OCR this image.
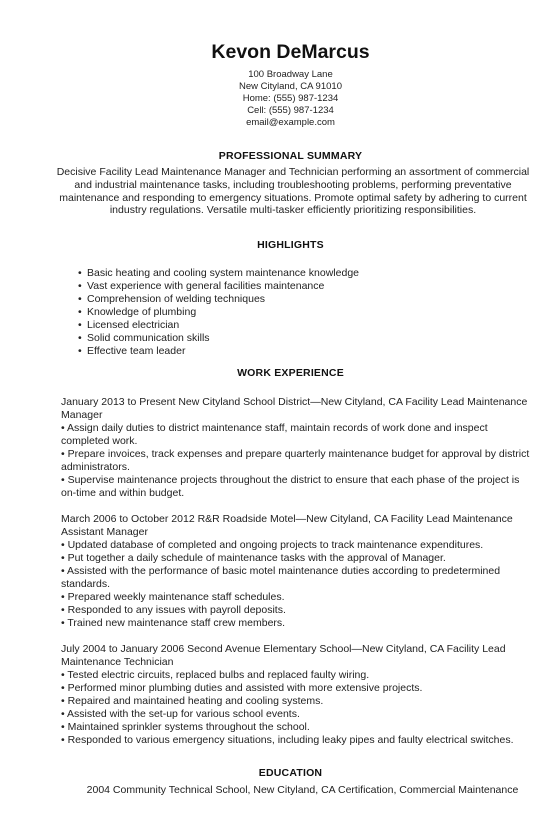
Kevon DeMarcus
100 Broadway Lane
New Cityland, CA 91010
Home: (555) 987-1234
Cell: (555) 987-1234
email@example.com
PROFESSIONAL SUMMARY
Decisive Facility Lead Maintenance Manager and Technician performing an assortment of commercial and industrial maintenance tasks, including troubleshooting problems, performing preventative maintenance and responding to emergency situations. Promote optimal safety by adhering to current industry regulations. Versatile multi-tasker efficiently prioritizing responsibilities.
HIGHLIGHTS
• Basic heating and cooling system maintenance knowledge
• Vast experience with general facilities maintenance
• Comprehension of welding techniques
• Knowledge of plumbing
• Licensed electrician
• Solid communication skills
• Effective team leader
WORK EXPERIENCE
January 2013 to Present New Cityland School District—New Cityland, CA Facility Lead Maintenance Manager
• Assign daily duties to district maintenance staff, maintain records of work done and inspect completed work.
• Prepare invoices, track expenses and prepare quarterly maintenance budget for approval by district administrators.
• Supervise maintenance projects throughout the district to ensure that each phase of the project is on-time and within budget.
March 2006 to October 2012 R&R Roadside Motel—New Cityland, CA Facility Lead Maintenance Assistant Manager
• Updated database of completed and ongoing projects to track maintenance expenditures.
• Put together a daily schedule of maintenance tasks with the approval of Manager.
• Assisted with the performance of basic motel maintenance duties according to predetermined standards.
• Prepared weekly maintenance staff schedules.
• Responded to any issues with payroll deposits.
• Trained new maintenance staff crew members.
July 2004 to January 2006 Second Avenue Elementary School—New Cityland, CA Facility Lead Maintenance Technician
• Tested electric circuits, replaced bulbs and replaced faulty wiring.
• Performed minor plumbing duties and assisted with more extensive projects.
• Repaired and maintained heating and cooling systems.
• Assisted with the set-up for various school events.
• Maintained sprinkler systems throughout the school.
• Responded to various emergency situations, including leaky pipes and faulty electrical switches.
EDUCATION
2004 Community Technical School, New Cityland, CA Certification, Commercial Maintenance
